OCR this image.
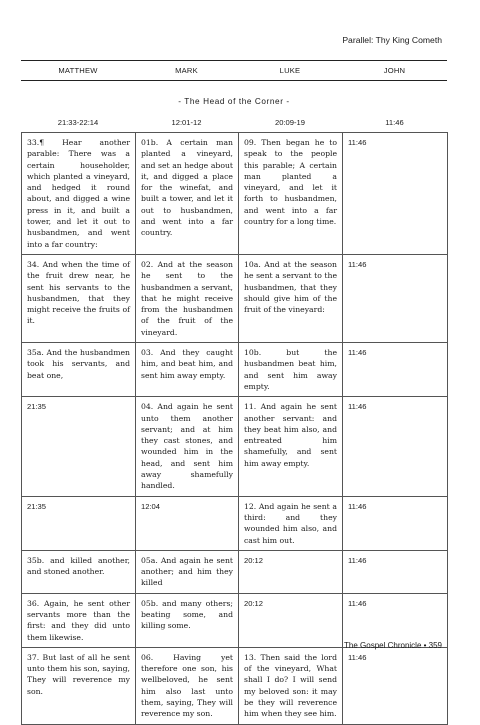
Parallel: Thy King Cometh
MATTHEW	MARK	LUKE	JOHN
- The Head of the Corner -
21:33-22:14	12:01-12	20:09-19	11:46
33.¶ Hear another parable: There was a certain householder, which planted a vineyard, and hedged it round about, and digged a wine press in it, and built a tower, and let it out to husbandmen, and went into a far country:	01b. A certain man planted a vineyard, and set an hedge about it, and digged a place for the winefat, and built a tower, and let it out to husbandmen, and went into a far country.	09. Then began he to speak to the people this parable; A certain man planted a vineyard, and let it forth to husbandmen, and went into a far country for a long time.	11:46
34. And when the time of the fruit drew near, he sent his servants to the husbandmen, that they might receive the fruits of it.	02. And at the season he sent to the husbandmen a servant, that he might receive from the husbandmen of the fruit of the vineyard.	10a. And at the season he sent a servant to the husbandmen, that they should give him of the fruit of the vineyard:	11:46
35a. And the husbandmen took his servants, and beat one,	03. And they caught him, and beat him, and sent him away empty.	10b. but the husbandmen beat him, and sent him away empty.	11:46
21:35	04. And again he sent unto them another servant; and at him they cast stones, and wounded him in the head, and sent him away shamefully handled.	11. And again he sent another servant: and they beat him also, and entreated him shamefully, and sent him away empty.	11:46
21:35	12:04	12. And again he sent a third: and they wounded him also, and cast him out.	11:46
35b. and killed another, and stoned another.	05a. And again he sent another; and him they killed	20:12	11:46
36. Again, he sent other servants more than the first: and they did unto them likewise.	05b. and many others; beating some, and killing some.	20:12	11:46
37. But last of all he sent unto them his son, saying, They will reverence my son.	06. Having yet therefore one son, his wellbeloved, he sent him also last unto them, saying, They will reverence my son.	13. Then said the lord of the vineyard, What shall I do? I will send my beloved son: it may be they will reverence him when they see him.	11:46
The Gospel Chronicle • 359
